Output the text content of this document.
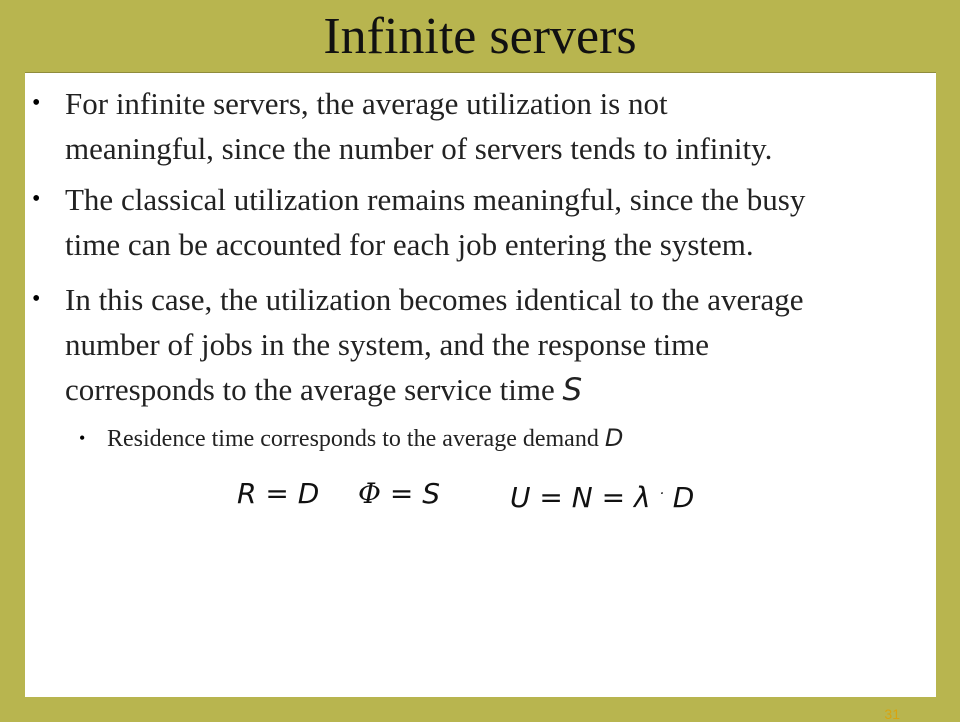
Infinite servers
• For infinite servers, the average utilization is not
meaningful, since the number of servers tends to infinity.
• The classical utilization remains meaningful, since the busy
time can be accounted for each job entering the system.
• In this case, the utilization becomes identical to the average
number of jobs in the system, and the response time
corresponds to the average service time S
• Residence time corresponds to the average demand D
R = D Φ = S U = N = λ · D
31
